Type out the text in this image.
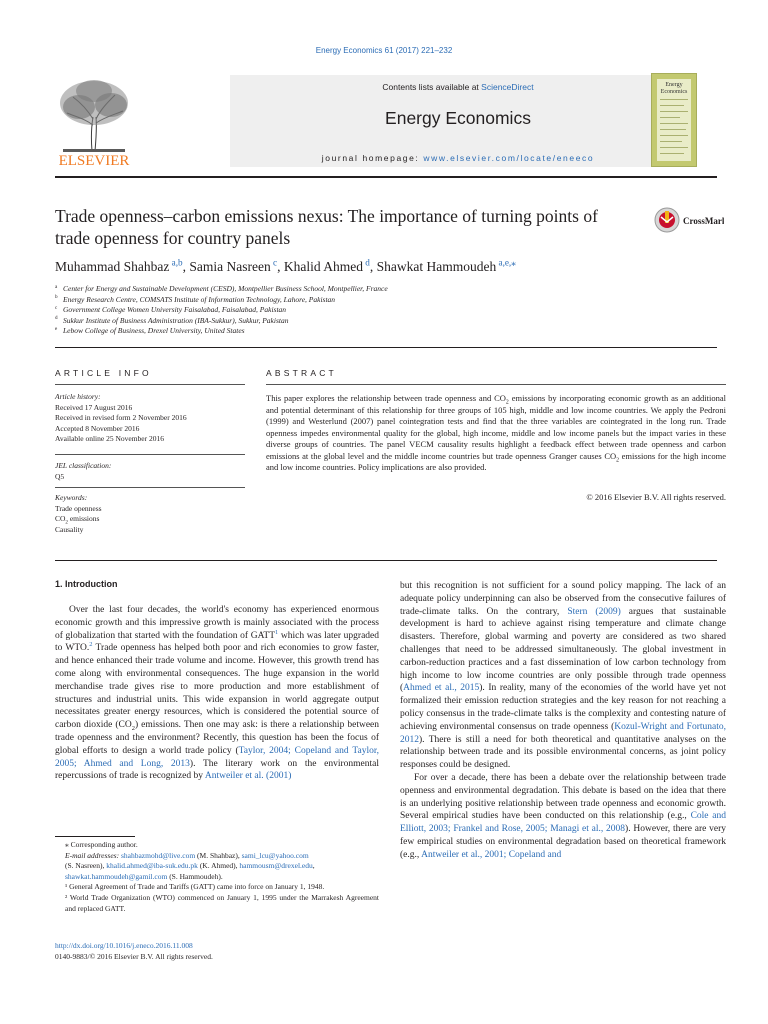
Energy Economics 61 (2017) 221–232
ELSEVIER
Contents lists available at ScienceDirect
Energy Economics
journal homepage: www.elsevier.com/locate/eneeco
Energy Economics
Trade openness–carbon emissions nexus: The importance of turning points of trade openness for country panels
CrossMark
Muhammad Shahbaz $^{a,b}$, Samia Nasreen $^c$, Khalid Ahmed $^d$, Shawkat Hammoudeh $^{a,e,⁎}$
$^a$ Center for Energy and Sustainable Development (CESD), Montpellier Business School, Montpellier, France
$^b$ Energy Research Centre, COMSATS Institute of Information Technology, Lahore, Pakistan
$^c$ Government College Women University Faisalabad, Faisalabad, Pakistan
$^d$ Sukkur Institute of Business Administration (IBA-Sukkur), Sukkur, Pakistan
$^e$ Lebow College of Business, Drexel University, United States
ARTICLE INFO
Article history:
Received 17 August 2016
Received in revised form 2 November 2016
Accepted 8 November 2016
Available online 25 November 2016
JEL classification:
Q5
Keywords:
Trade openness
$CO_2$ emissions
Causality
ABSTRACT
This paper explores the relationship between trade openness and $CO_2$ emissions by incorporating economic growth as an additional and potential determinant of this relationship for three groups of 105 high, middle and low income countries. We apply the Pedroni (1999) and Westerlund (2007) panel cointegration tests and find that the three variables are cointegrated in the long run. Trade openness impedes environmental quality for the global, high income, middle and low income panels but the impact varies in these diverse groups of countries. The panel VECM causality results highlight a feedback effect between trade openness and carbon emissions at the global level and the middle income countries but trade openness Granger causes $CO_2$ emissions for the high income and low income countries. Policy implications are also provided.
© 2016 Elsevier B.V. All rights reserved.
1. Introduction
Over the last four decades, the world's economy has experienced enormous economic growth and this impressive growth is mainly associated with the process of globalization that started with the foundation of GATT$^1$ which was later upgraded to WTO.$^2$ Trade openness has helped both poor and rich economies to grow faster, and hence enhanced their trade volume and income. However, this growth trend has come along with environmental consequences. The huge expansion in the world merchandise trade gives rise to more production and more establishment of structures and industrial units. This wide expansion in world aggregate output necessitates greater energy resources, which is considered the potential source of carbon dioxide $(CO_2)$ emissions. Then one may ask: is there a relationship between trade openness and the environment? Recently, this question has been the focus of global efforts to design a world trade policy (Taylor, 2004; Copeland and Taylor, 2005; Ahmed and Long, 2013). The literary work on the environmental repercussions of trade is recognized by Antweiler et al. (2001)
but this recognition is not sufficient for a sound policy mapping. The lack of an adequate policy underpinning can also be observed from the consecutive failures of trade-climate talks. On the contrary, Stern (2009) argues that sustainable development is hard to achieve against rising temperature and climate change disasters. Therefore, global warming and poverty are considered as two shared challenges that need to be addressed simultaneously. The global investment in carbon-reduction practices and a fast dissemination of low carbon technology from high income to low income countries are only possible through trade openness (Ahmed et al., 2015). In reality, many of the economies of the world have yet not formalized their emission reduction strategies and the key reason for not reaching a policy consensus in the trade-climate talks is the complexity and contesting nature of achieving environmental consensus on trade openness (Kozul-Wright and Fortunato, 2012). There is still a need for both theoretical and quantitative analyses on the relationship between trade and its possible environmental concerns, as joint policy responses could be designed.
For over a decade, there has been a debate over the relationship between trade openness and environmental degradation. This debate is based on the idea that there is an underlying positive relationship between trade openness and economic growth. Several empirical studies have been conducted on this relationship (e.g., Cole and Elliott, 2003; Frankel and Rose, 2005; Managi et al., 2008). However, there are very few empirical studies on environmental degradation based on theoretical framework (e.g., Antweiler et al., 2001; Copeland and
⁎ Corresponding author.
E-mail addresses: shahbazmohd@live.com (M. Shahbaz), sami_lcu@yahoo.com
(S. Nasreen), khalid.ahmed@iba-suk.edu.pk (K. Ahmed), hammousm@drexel.edu,
shawkat.hammoudeh@gamil.com (S. Hammoudeh).
¹ General Agreement of Trade and Tariffs (GATT) came into force on January 1, 1948.
² World Trade Organization (WTO) commenced on January 1, 1995 under the Marrakesh Agreement and replaced GATT.
http://dx.doi.org/10.1016/j.eneco.2016.11.008
0140-9883/© 2016 Elsevier B.V. All rights reserved.
